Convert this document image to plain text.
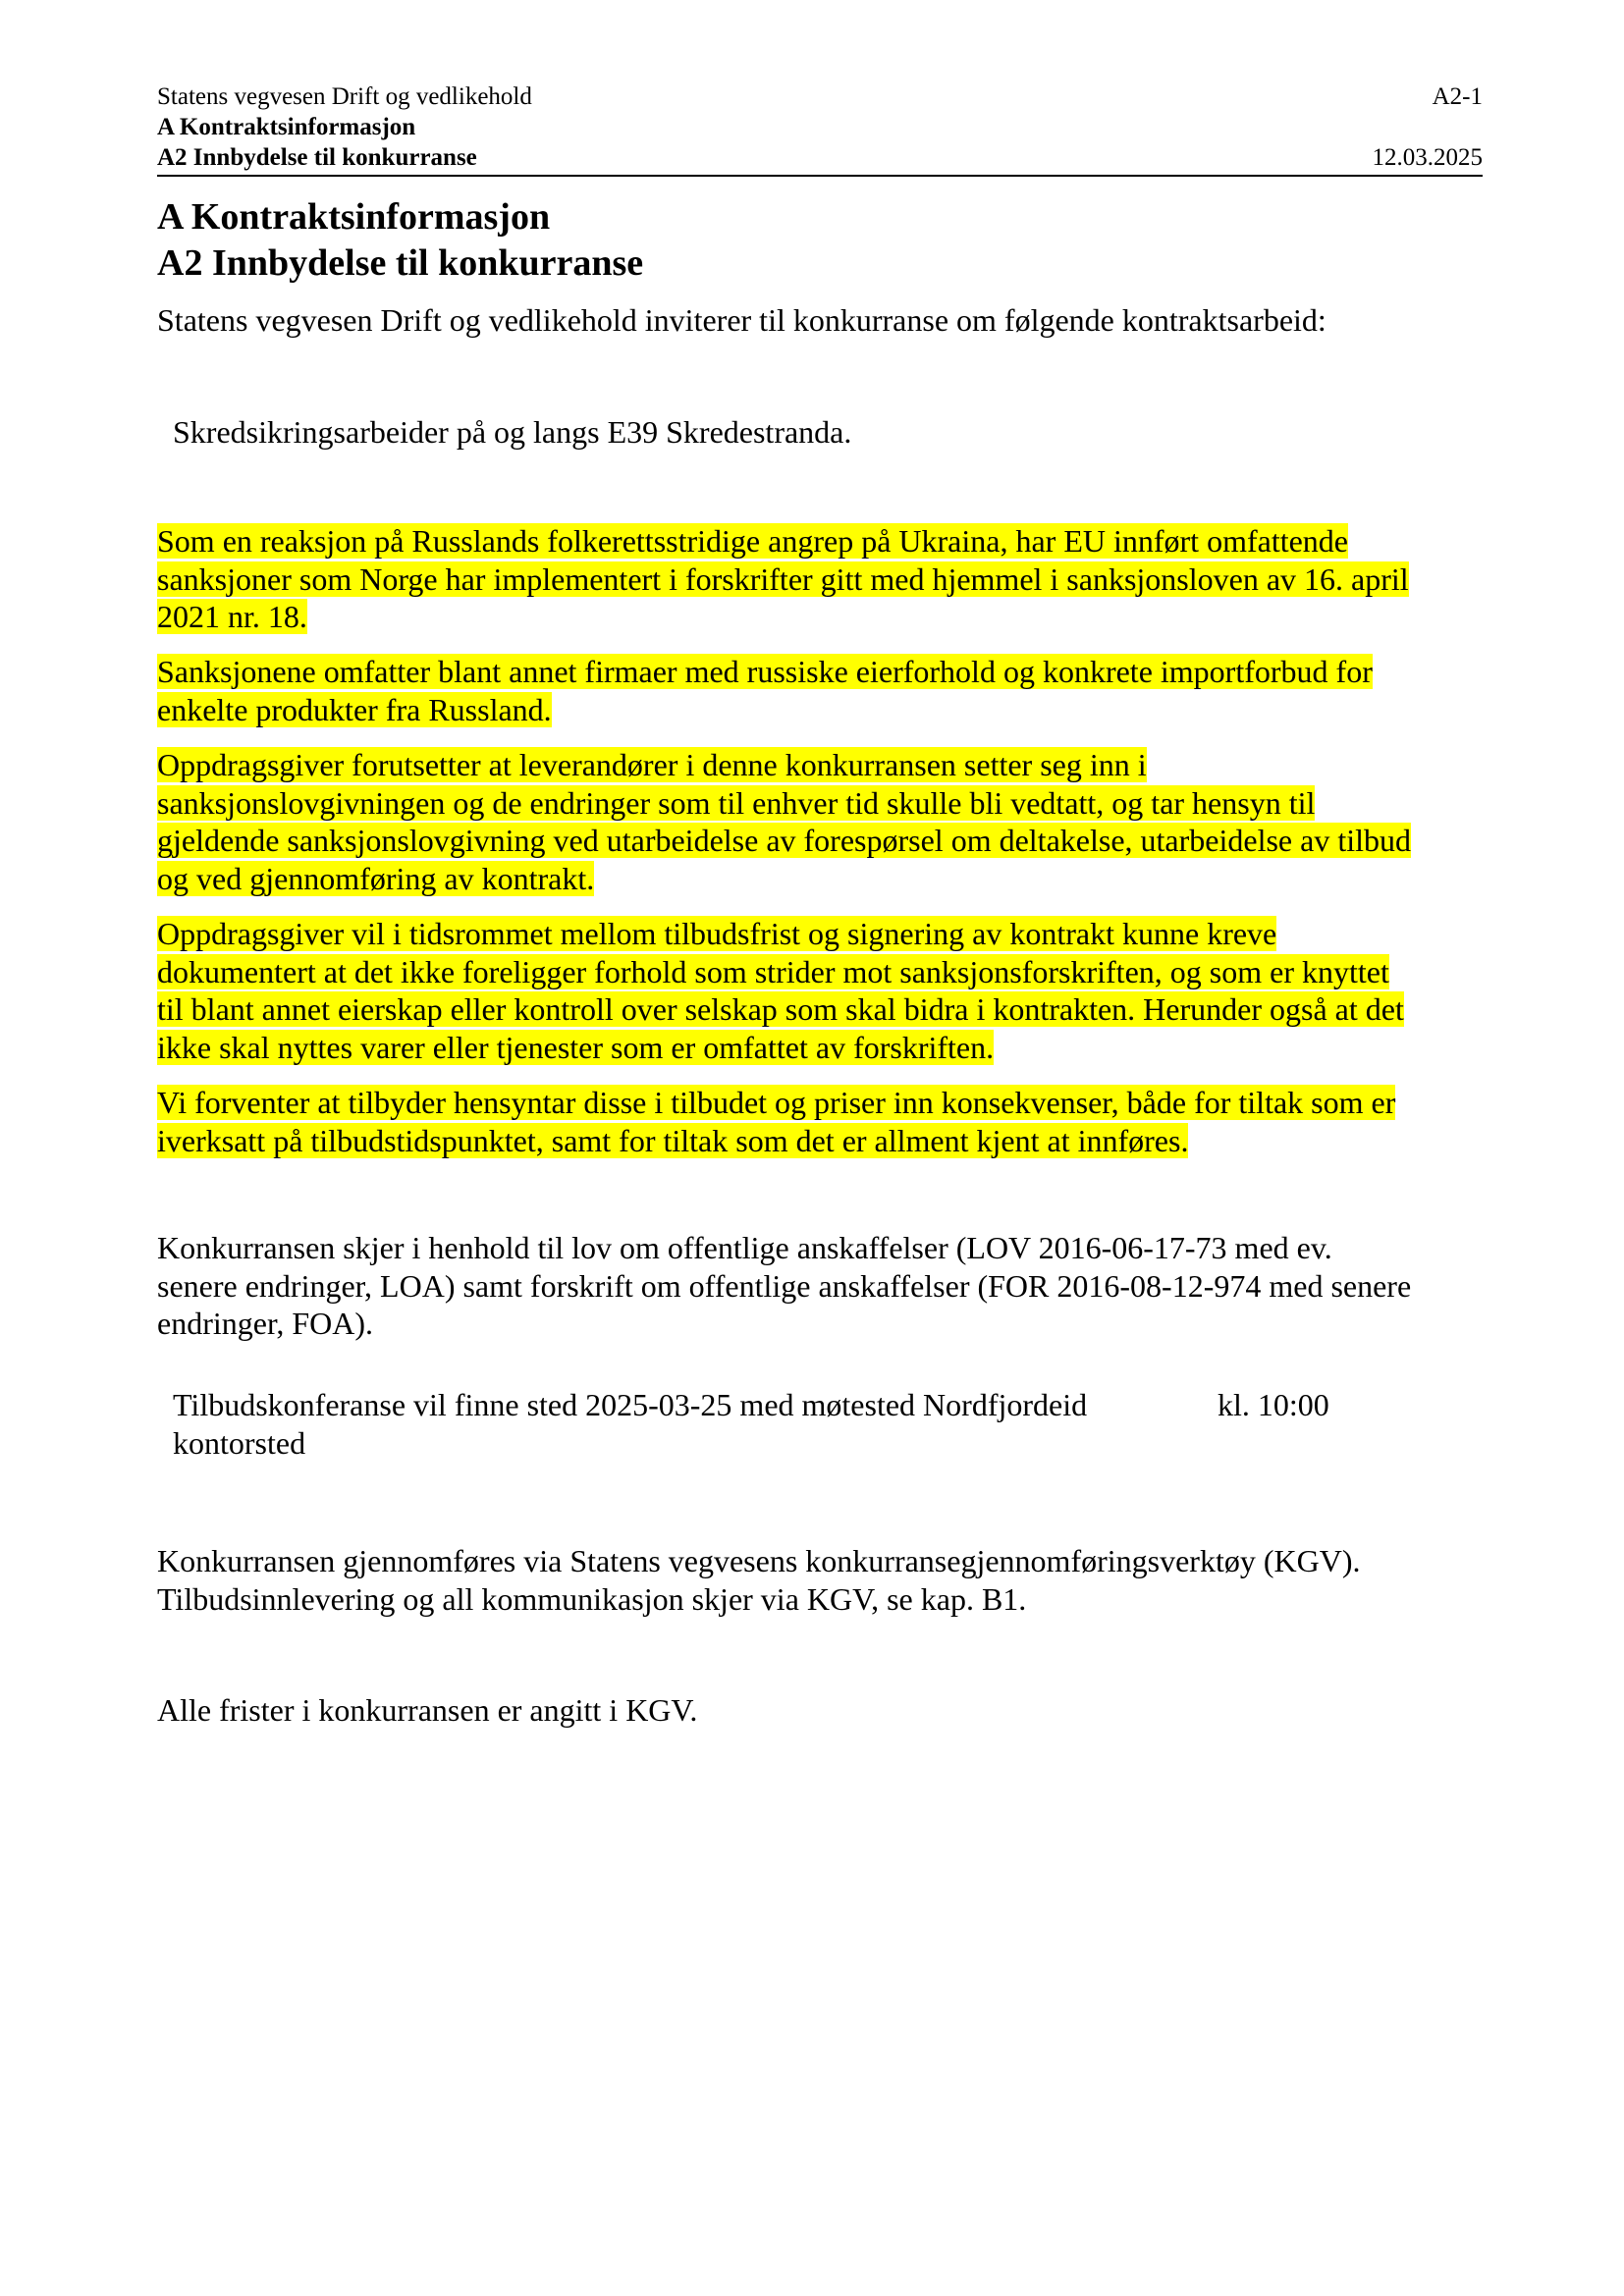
Statens vegvesen Drift og vedlikehold	A2-1
A Kontraktsinformasjon
A2 Innbydelse til konkurranse	12.03.2025
A Kontraktsinformasjon
A2 Innbydelse til konkurranse
Statens vegvesen Drift og vedlikehold inviterer til konkurranse om følgende kontraktsarbeid:
Skredsikringsarbeider på og langs E39 Skredestranda.
Som en reaksjon på Russlands folkerettsstridige angrep på Ukraina, har EU innført omfattende
sanksjoner som Norge har implementert i forskrifter gitt med hjemmel i sanksjonsloven av 16. april
2021 nr. 18.
Sanksjonene omfatter blant annet firmaer med russiske eierforhold og konkrete importforbud for
enkelte produkter fra Russland.
Oppdragsgiver forutsetter at leverandører i denne konkurransen setter seg inn i
sanksjonslovgivningen og de endringer som til enhver tid skulle bli vedtatt, og tar hensyn til
gjeldende sanksjonslovgivning ved utarbeidelse av forespørsel om deltakelse, utarbeidelse av tilbud
og ved gjennomføring av kontrakt.
Oppdragsgiver vil i tidsrommet mellom tilbudsfrist og signering av kontrakt kunne kreve
dokumentert at det ikke foreligger forhold som strider mot sanksjonsforskriften, og som er knyttet
til blant annet eierskap eller kontroll over selskap som skal bidra i kontrakten. Herunder også at det
ikke skal nyttes varer eller tjenester som er omfattet av forskriften.
Vi forventer at tilbyder hensyntar disse i tilbudet og priser inn konsekvenser, både for tiltak som er
iverksatt på tilbudstidspunktet, samt for tiltak som det er allment kjent at innføres.
Konkurransen skjer i henhold til lov om offentlige anskaffelser (LOV 2016-06-17-73 med ev.
senere endringer, LOA) samt forskrift om offentlige anskaffelser (FOR 2016-08-12-974 med senere
endringer, FOA).
Tilbudskonferanse vil finne sted 2025-03-25 med møtested Nordfjordeid
kontorsted
kl. 10:00
Konkurransen gjennomføres via Statens vegvesens konkurransegjennomføringsverktøy (KGV).
Tilbudsinnlevering og all kommunikasjon skjer via KGV, se kap. B1.
Alle frister i konkurransen er angitt i KGV.
